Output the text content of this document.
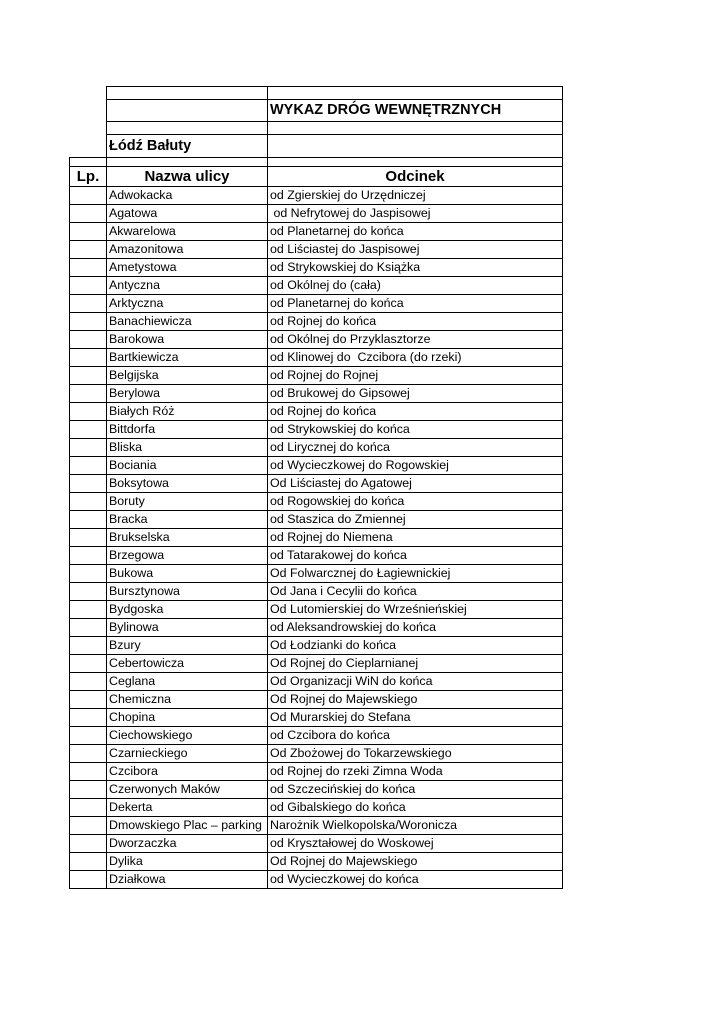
		WYKAZ DRÓG WEWNĘTRZNYCH

	Łódź Bałuty	

Lp.	Nazwa ulicy	Odcinek
	Adwokacka	od Zgierskiej do Urzędniczej
	Agatowa	od Nefrytowej do Jaspisowej
	Akwarelowa	od Planetarnej do końca
	Amazonitowa	od Liściastej do Jaspisowej
	Ametystowa	od Strykowskiej do Książka
	Antyczna	od Okólnej do (cała)
	Arktyczna	od Planetarnej do końca
	Banachiewicza	od Rojnej do końca
	Barokowa	od Okólnej do Przyklasztorze
	Bartkiewicza	od Klinowej do  Czcibora (do rzeki)
	Belgijska	od Rojnej do Rojnej
	Berylowa	od Brukowej do Gipsowej
	Białych Róż	od Rojnej do końca
	Bittdorfa	od Strykowskiej do końca
	Bliska	od Lirycznej do końca
	Bociania	od Wycieczkowej do Rogowskiej
	Boksytowa	Od Liściastej do Agatowej
	Boruty	od Rogowskiej do końca
	Bracka	od Staszica do Zmiennej
	Brukselska	od Rojnej do Niemena
	Brzegowa	od Tatarakowej do końca
	Bukowa	Od Folwarcznej do Łagiewnickiej
	Bursztynowa	Od Jana i Cecylii do końca
	Bydgoska	Od Lutomierskiej do Wrześnieńskiej
	Bylinowa	od Aleksandrowskiej do końca
	Bzury	Od Łodzianki do końca
	Cebertowicza	Od Rojnej do Cieplarnianej
	Ceglana	Od Organizacji WiN do końca
	Chemiczna	Od Rojnej do Majewskiego
	Chopina	Od Murarskiej do Stefana
	Ciechowskiego	od Czcibora do końca
	Czarnieckiego	Od Zbożowej do Tokarzewskiego
	Czcibora	od Rojnej do rzeki Zimna Woda
	Czerwonych Maków	od Szczecińskiej do końca
	Dekerta	od Gibalskiego do końca
	Dmowskiego Plac – parking	Narożnik Wielkopolska/Woronicza
	Dworzaczka	od Kryształowej do Woskowej
	Dylika	Od Rojnej do Majewskiego
	Działkowa	od Wycieczkowej do końca
